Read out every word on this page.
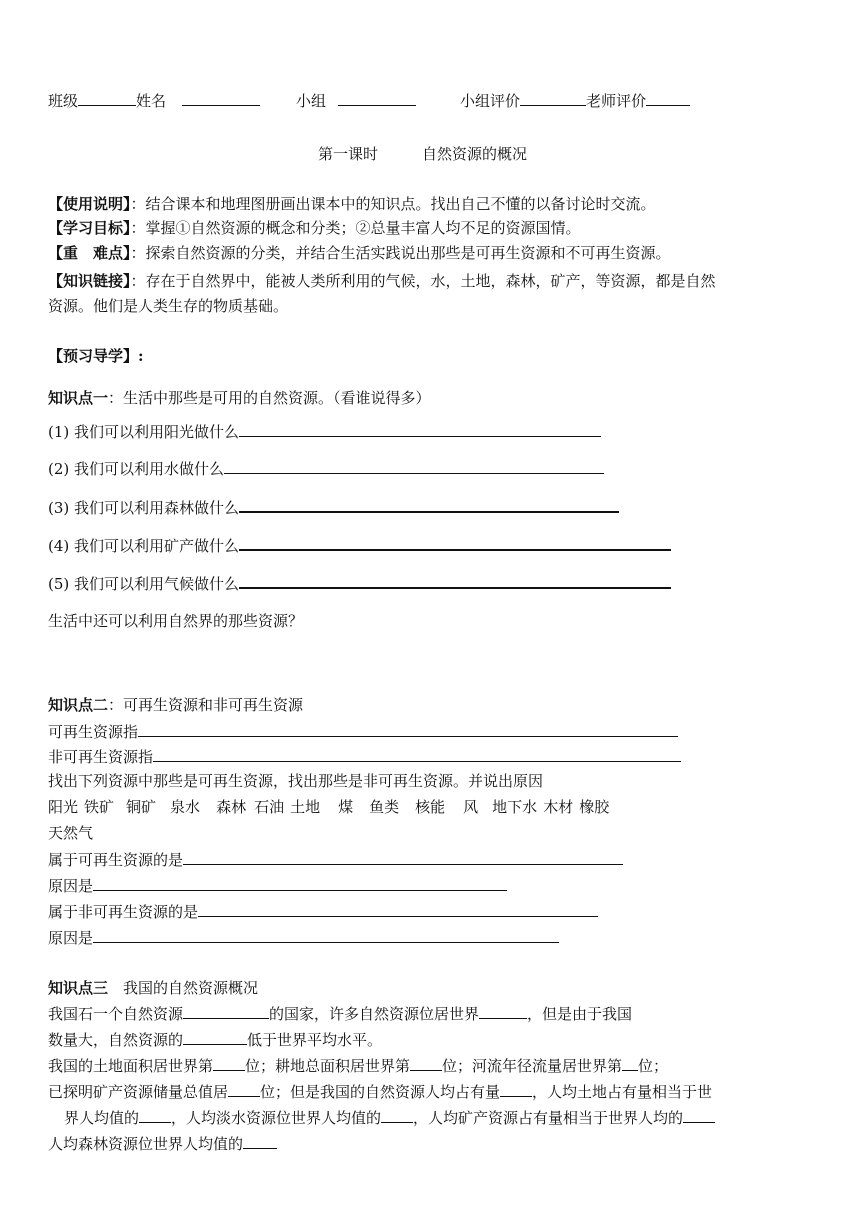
班级	姓名	小组	小组评价	老师评价
第一课时	自然资源的概况
【使用说明】：结合课本和地理图册画出课本中的知识点。找出自己不懂的以备讨论时交流。
【学习目标】：掌握①自然资源的概念和分类；②总量丰富人均不足的资源国情。
【重　难点】：探索自然资源的分类，并结合生活实践说出那些是可再生资源和不可再生资源。
【知识链接】：存在于自然界中，能被人类所利用的气候，水，土地，森林，矿产，等资源，都是自然
资源。他们是人类生存的物质基础。
【预习导学】:
知识点一：生活中那些是可用的自然资源。（看谁说得多）
(1) 我们可以利用阳光做什么
(2) 我们可以利用水做什么
(3) 我们可以利用森林做什么
(4) 我们可以利用矿产做什么
(5) 我们可以利用气候做什么
生活中还可以利用自然界的那些资源？
知识点二：可再生资源和非可再生资源
可再生资源指
非可再生资源指
找出下列资源中那些是可再生资源，找出那些是非可再生资源。并说出原因
阳光 铁矿 铜矿 泉水 森林 石油 土地 煤 鱼类 核能 风 地下水 木材 橡胶
天然气
属于可再生资源的是
原因是
属于非可再生资源的是
原因是
知识点三　我国的自然资源概况
我国石一个自然资源	的国家，许多自然资源位居世界	，但是由于我国
数量大，自然资源的	低于世界平均水平。
我国的土地面积居世界第 位；耕地总面积居世界第 位；河流年径流量居世界第 位；
已探明矿产资源储量总值居 位；但是我国的自然资源人均占有量 ，人均土地占有量相当于世
界人均值的 ，人均淡水资源位世界人均值的 ，人均矿产资源占有量相当于世界人均的
人均森林资源位世界人均值的
